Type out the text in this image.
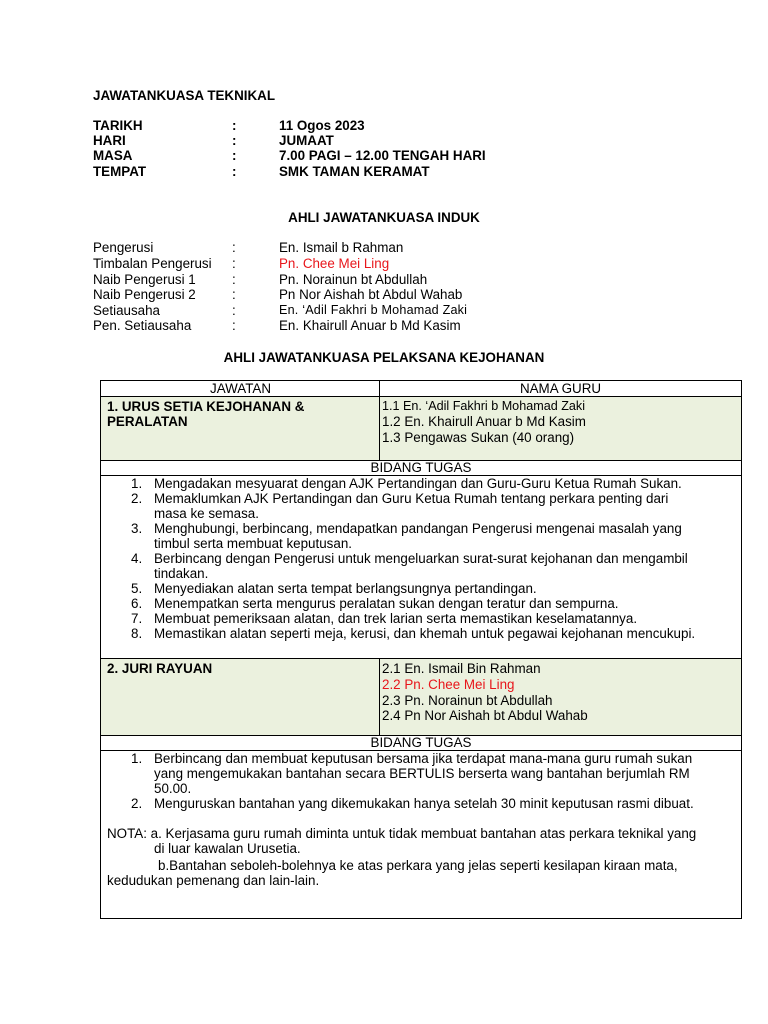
JAWATANKUASA TEKNIKAL
TARIKH	:	11 Ogos 2023
HARI	:	JUMAAT
MASA	:	7.00 PAGI – 12.00 TENGAH HARI
TEMPAT	:	SMK TAMAN KERAMAT
AHLI JAWATANKUASA INDUK
Pengerusi	:	En. Ismail b Rahman
Timbalan Pengerusi :	Pn. Chee Mei Ling
Naib Pengerusi 1	:	Pn. Norainun bt Abdullah
Naib Pengerusi 2	:	Pn Nor Aishah bt Abdul Wahab
Setiausaha	:	En. ‘Adil Fakhri b Mohamad Zaki
Pen. Setiausaha	:	En. Khairull Anuar b Md Kasim
AHLI JAWATANKUASA PELAKSANA KEJOHANAN
JAWATAN	NAMA GURU
1. URUS SETIA KEJOHANAN &
PERALATAN
1.1 En. ‘Adil Fakhri b Mohamad Zaki
1.2 En. Khairull Anuar b Md Kasim
1.3 Pengawas Sukan (40 orang)
BIDANG TUGAS
1. Mengadakan mesyuarat dengan AJK Pertandingan dan Guru-Guru Ketua Rumah Sukan.
2. Memaklumkan AJK Pertandingan dan Guru Ketua Rumah tentang perkara penting dari
masa ke semasa.
3. Menghubungi, berbincang, mendapatkan pandangan Pengerusi mengenai masalah yang
timbul serta membuat keputusan.
4. Berbincang dengan Pengerusi untuk mengeluarkan surat-surat kejohanan dan mengambil
tindakan.
5. Menyediakan alatan serta tempat berlangsungnya pertandingan.
6. Menempatkan serta mengurus peralatan sukan dengan teratur dan sempurna.
7. Membuat pemeriksaan alatan, dan trek larian serta memastikan keselamatannya.
8. Memastikan alatan seperti meja, kerusi, dan khemah untuk pegawai kejohanan mencukupi.
2. JURI RAYUAN	2.1 En. Ismail Bin Rahman
2.2 Pn. Chee Mei Ling
2.3 Pn. Norainun bt Abdullah
2.4 Pn Nor Aishah bt Abdul Wahab
BIDANG TUGAS
1. Berbincang dan membuat keputusan bersama jika terdapat mana-mana guru rumah sukan
yang mengemukakan bantahan secara BERTULIS berserta wang bantahan berjumlah RM
50.00.
2. Menguruskan bantahan yang dikemukakan hanya setelah 30 minit keputusan rasmi dibuat.
NOTA: a. Kerjasama guru rumah diminta untuk tidak membuat bantahan atas perkara teknikal yang
di luar kawalan Urusetia.
b.Bantahan seboleh-bolehnya ke atas perkara yang jelas seperti kesilapan kiraan mata,
kedudukan pemenang dan lain-lain.
